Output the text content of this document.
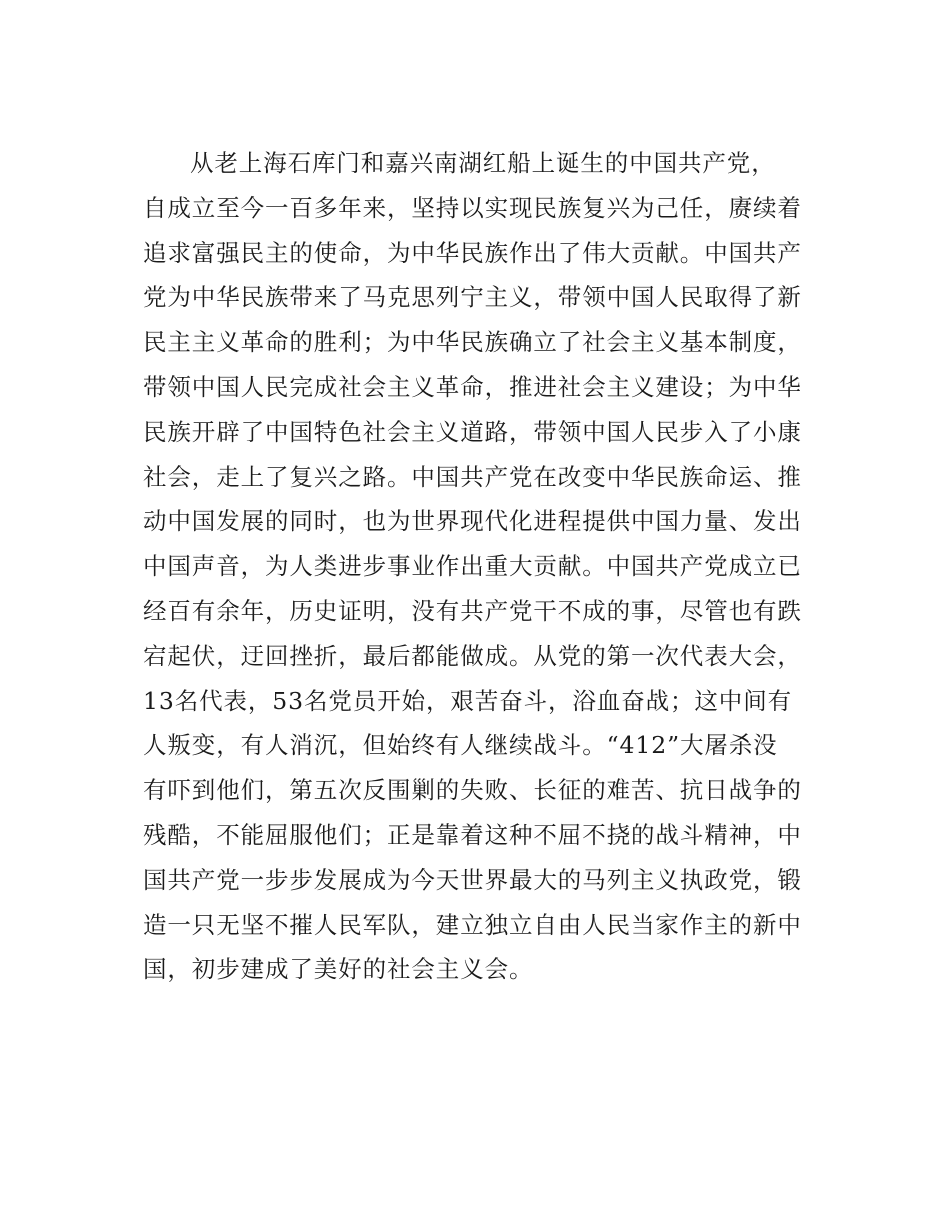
从老上海石库门和嘉兴南湖红船上诞生的中国共产党，
自成立至今一百多年来，坚持以实现民族复兴为己任，赓续着
追求富强民主的使命，为中华民族作出了伟大贡献。中国共产
党为中华民族带来了马克思列宁主义，带领中国人民取得了新
民主主义革命的胜利；为中华民族确立了社会主义基本制度，
带领中国人民完成社会主义革命，推进社会主义建设；为中华
民族开辟了中国特色社会主义道路，带领中国人民步入了小康
社会，走上了复兴之路。中国共产党在改变中华民族命运、推
动中国发展的同时，也为世界现代化进程提供中国力量、发出
中国声音，为人类进步事业作出重大贡献。中国共产党成立已
经百有余年，历史证明，没有共产党干不成的事，尽管也有跌
宕起伏，迂回挫折，最后都能做成。从党的第一次代表大会，
13名代表，53名党员开始，艰苦奋斗，浴血奋战；这中间有
人叛变，有人消沉，但始终有人继续战斗。“412”大屠杀没
有吓到他们，第五次反围剿的失败、长征的难苦、抗日战争的
残酷，不能屈服他们；正是靠着这种不屈不挠的战斗精神，中
国共产党一步步发展成为今天世界最大的马列主义执政党，锻
造一只无坚不摧人民军队，建立独立自由人民当家作主的新中
国，初步建成了美好的社会主义会。
